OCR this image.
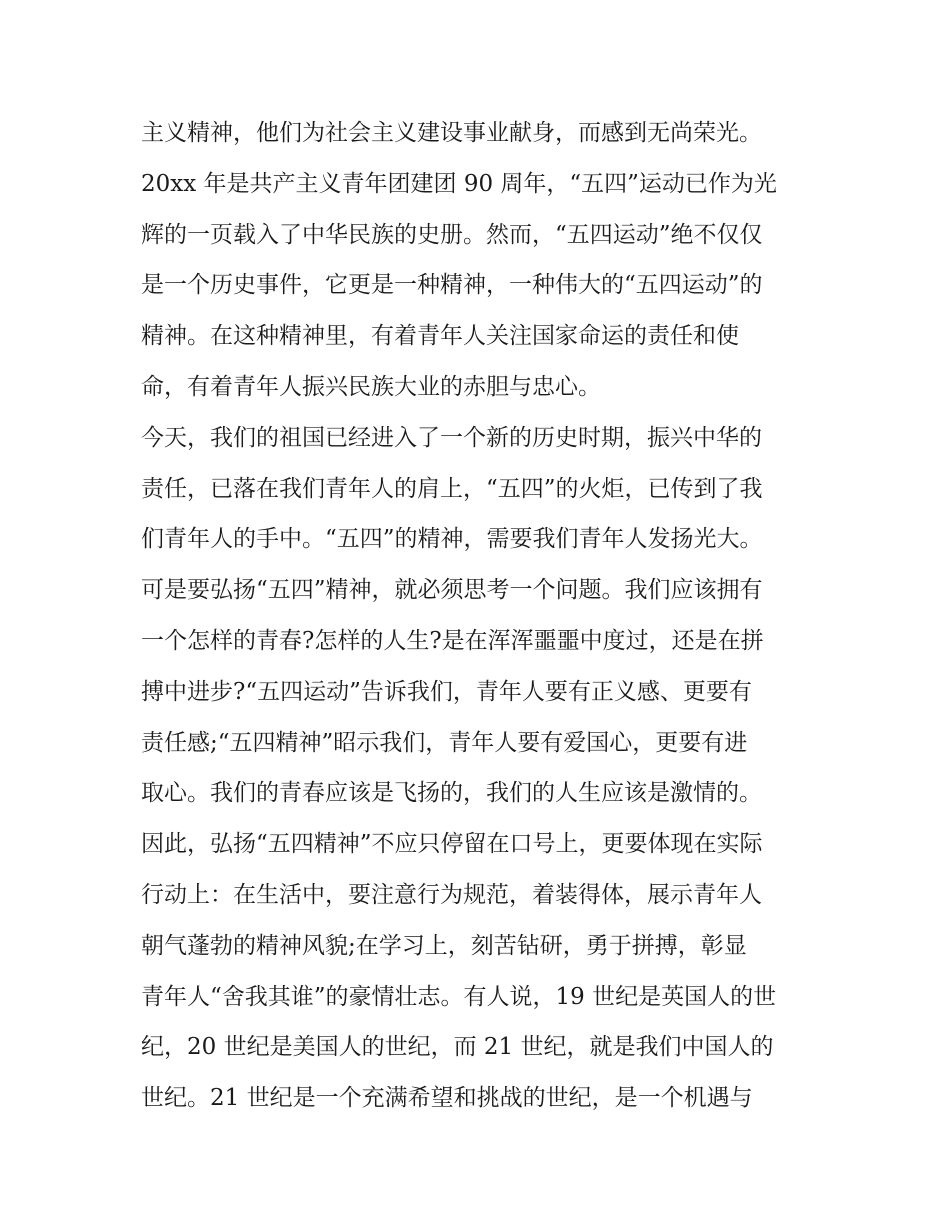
主义精神，他们为社会主义建设事业献身，而感到无尚荣光。
20xx 年是共产主义青年团建团 90 周年，“五四”运动已作为光
辉的一页载入了中华民族的史册。然而，“五四运动”绝不仅仅
是一个历史事件，它更是一种精神，一种伟大的“五四运动”的
精神。在这种精神里，有着青年人关注国家命运的责任和使
命，有着青年人振兴民族大业的赤胆与忠心。
今天，我们的祖国已经进入了一个新的历史时期，振兴中华的
责任，已落在我们青年人的肩上，“五四”的火炬，已传到了我
们青年人的手中。“五四”的精神，需要我们青年人发扬光大。
可是要弘扬“五四”精神，就必须思考一个问题。我们应该拥有
一个怎样的青春?怎样的人生?是在浑浑噩噩中度过，还是在拼
搏中进步?“五四运动”告诉我们，青年人要有正义感、更要有
责任感;“五四精神”昭示我们，青年人要有爱国心，更要有进
取心。我们的青春应该是飞扬的，我们的人生应该是激情的。
因此，弘扬“五四精神”不应只停留在口号上，更要体现在实际
行动上：在生活中，要注意行为规范，着装得体，展示青年人
朝气蓬勃的精神风貌;在学习上，刻苦钻研，勇于拼搏，彰显
青年人“舍我其谁”的豪情壮志。有人说，19 世纪是英国人的世
纪，20 世纪是美国人的世纪，而 21 世纪，就是我们中国人的
世纪。21 世纪是一个充满希望和挑战的世纪，是一个机遇与
